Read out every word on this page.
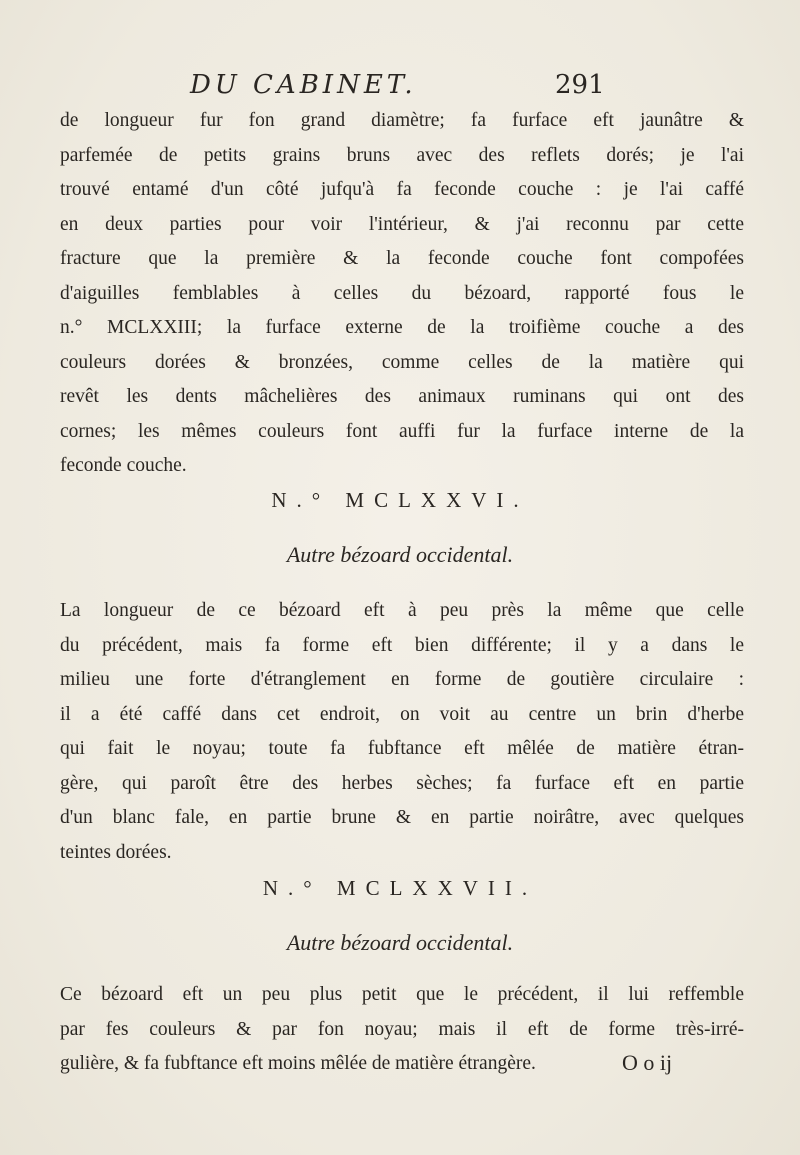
DU CABINET.	291
de longueur fur fon grand diamètre; fa furface eft jaunâtre &
parfemée de petits grains bruns avec des reflets dorés; je l'ai
trouvé entamé d'un côté jufqu'à fa feconde couche : je l'ai caffé
en deux parties pour voir l'intérieur, & j'ai reconnu par cette
fracture que la première & la feconde couche font compofées
d'aiguilles femblables à celles du bézoard, rapporté fous le
n.° MCLXXIII; la furface externe de la troifième couche a des
couleurs dorées & bronzées, comme celles de la matière qui
revêt les dents mâchelières des animaux ruminans qui ont des
cornes; les mêmes couleurs font auffi fur la furface interne de la
feconde couche.
N.° MCLXXVI.
Autre bézoard occidental.
La longueur de ce bézoard eft à peu près la même que celle
du précédent, mais fa forme eft bien différente; il y a dans le
milieu une forte d'étranglement en forme de goutière circulaire :
il a été caffé dans cet endroit, on voit au centre un brin d'herbe
qui fait le noyau; toute fa fubftance eft mêlée de matière étran-
gère, qui paroît être des herbes sèches; fa furface eft en partie
d'un blanc fale, en partie brune & en partie noirâtre, avec quelques
teintes dorées.
N.° MCLXXVII.
Autre bézoard occidental.
Ce bézoard eft un peu plus petit que le précédent, il lui reffemble
par fes couleurs & par fon noyau; mais il eft de forme très-irré-
gulière, & fa fubftance eft moins mêlée de matière étrangère.	O o ij
